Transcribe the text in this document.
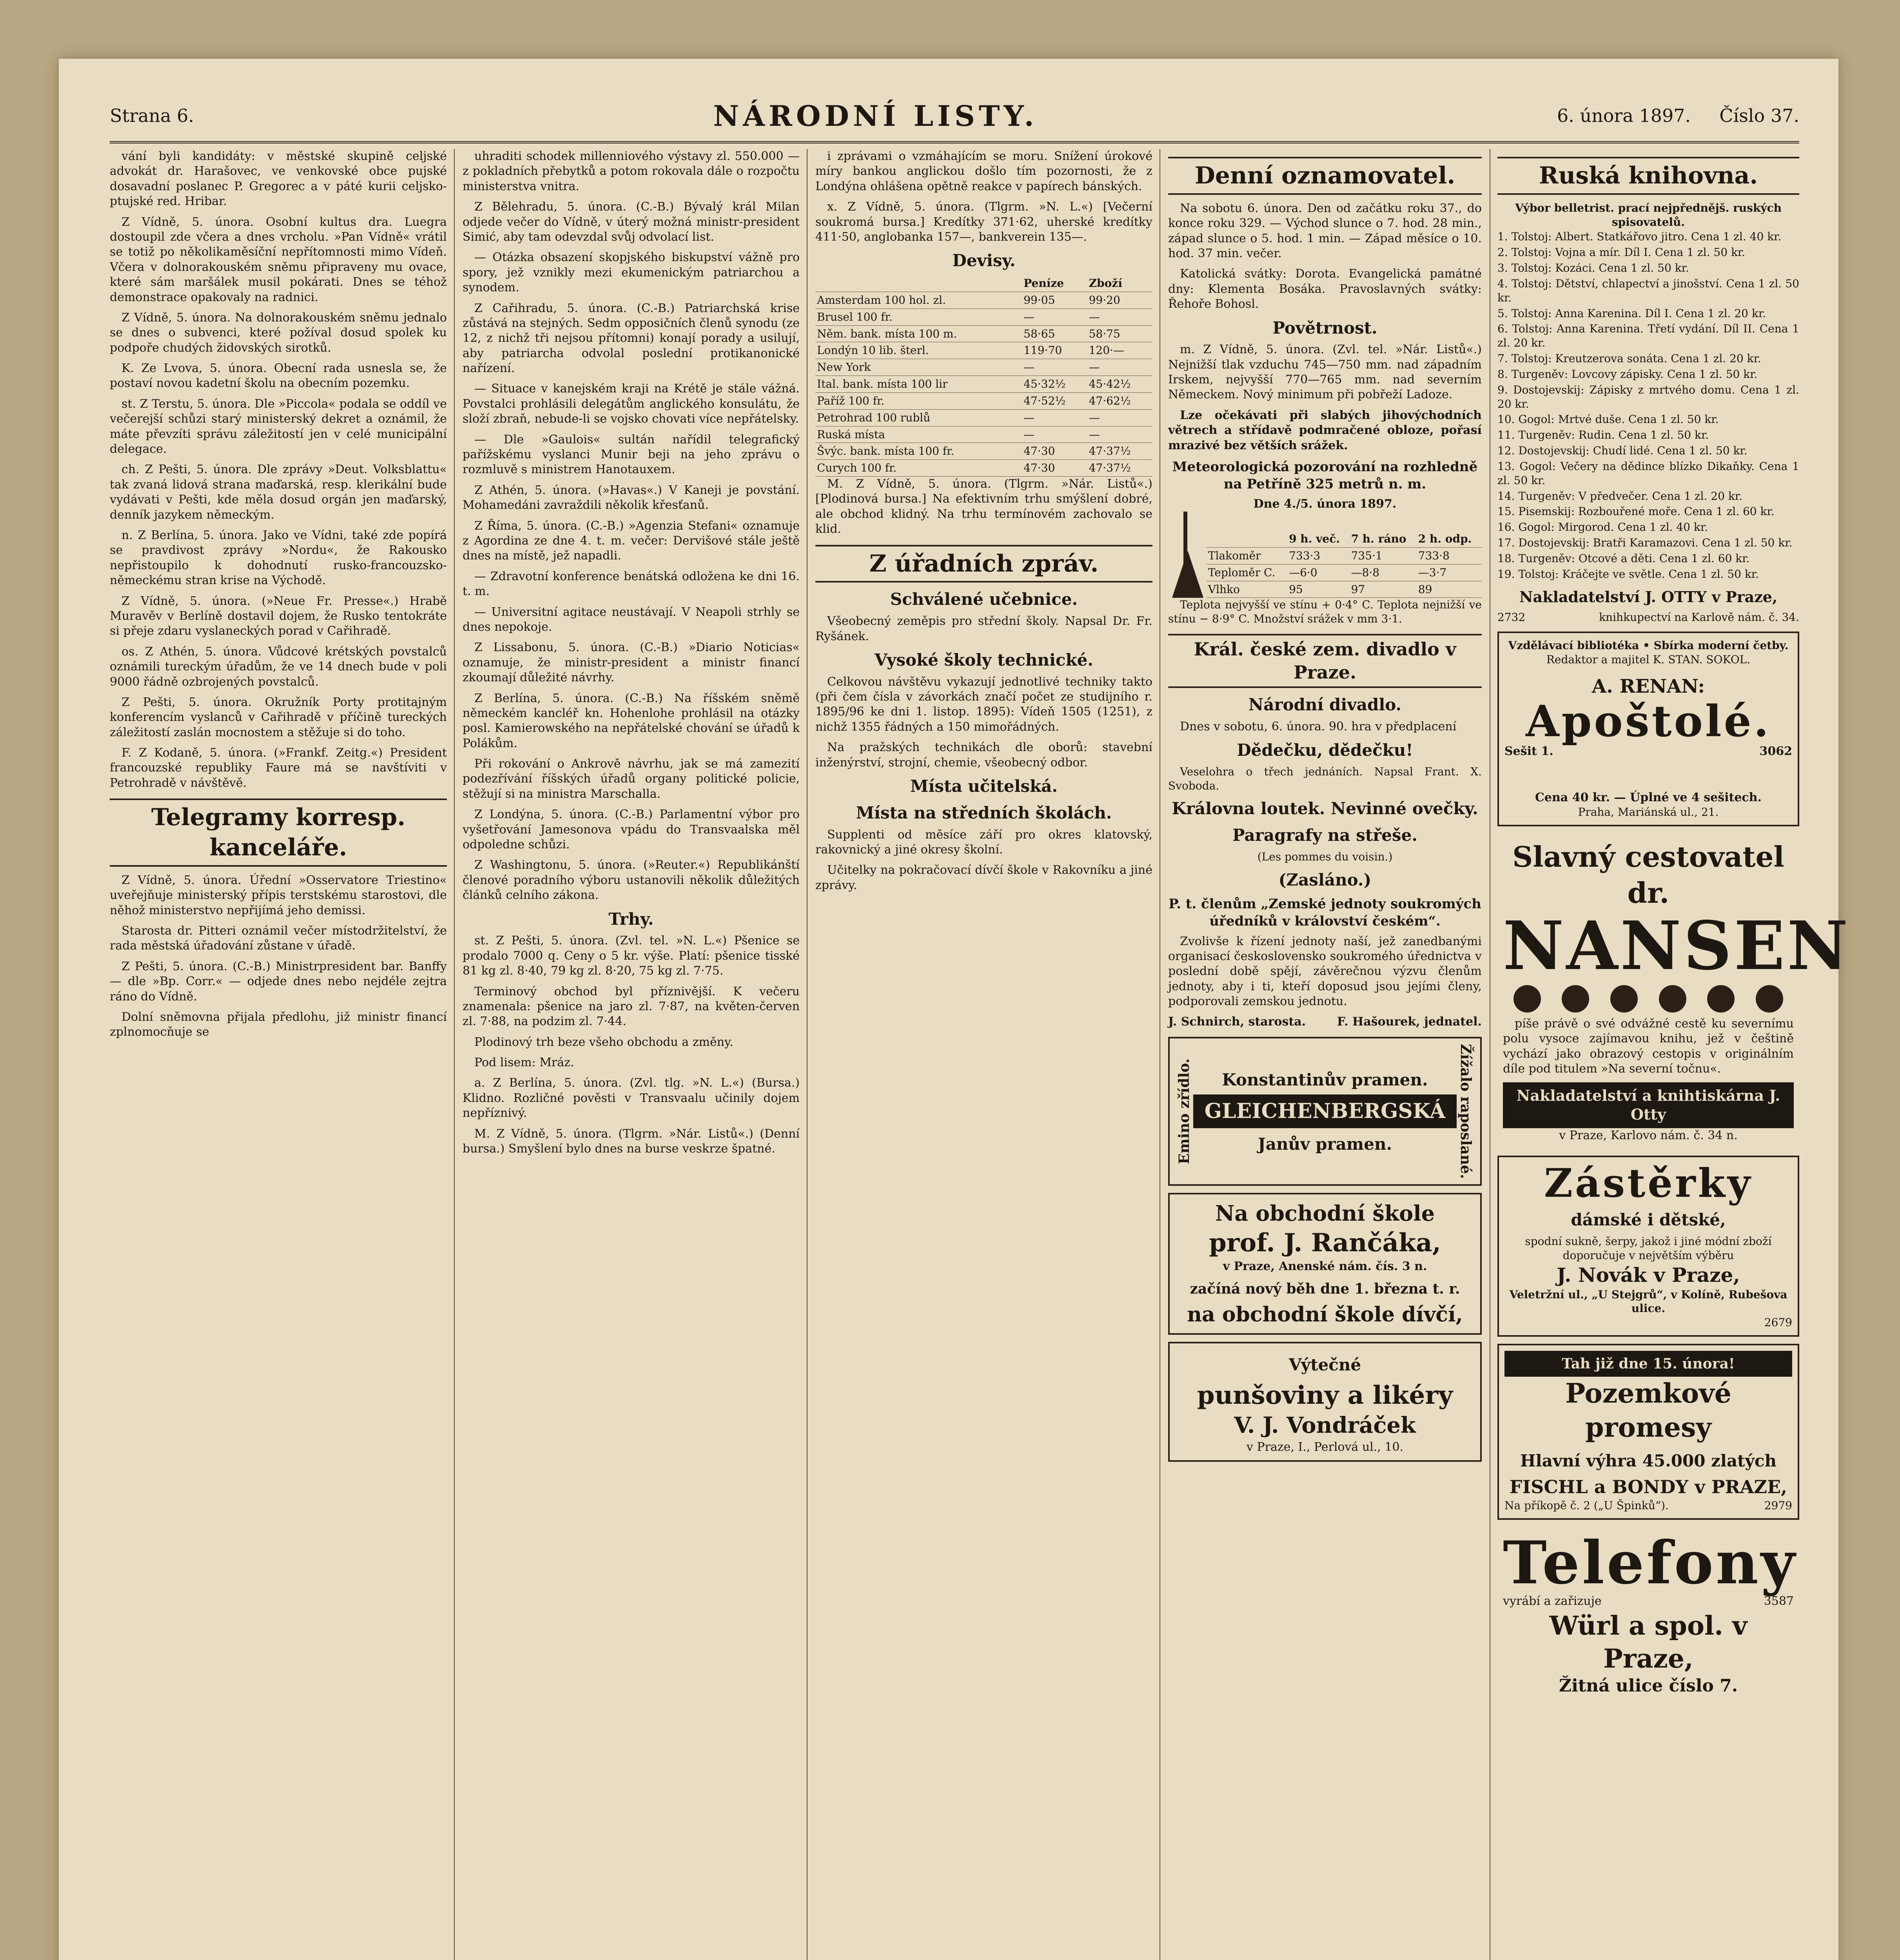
Strana 6.	NÁRODNÍ LISTY.	6. února 1897. Číslo 37.

vání byli kandidáty: v městské skupině celjské advokát dr. Harašovec, ve venkovské obce pujské dosavadní poslanec P. Gregorec a v páté kurii celjsko-ptujské red. Hribar.

Z Vídně, 5. února. Osobní kultus dra. Luegra dostoupil zde včera a dnes vrcholu. »Pan Vídně« vrátil se totiž po několikaměsíční nepřítomnosti mimo Vídeň. Včera v dolnorakouském sněmu připraveny mu ovace, které sám maršálek musil pokárati. Dnes se téhož demonstrace opakovaly na radnici.

Z Vídně, 5. února. Na dolnorakouském sněmu jednalo se dnes o subvenci, které požíval dosud spolek ku podpoře chudých židovských sirotků.

K. Ze Lvova, 5. února. Obecní rada usnesla se, že postaví novou kadetní školu na obecním pozemku.

st. Z Terstu, 5. února. Dle »Piccola« podala se oddíl ve večerejší schůzi starý ministerský dekret a oznámil, že máte převzíti správu záležitostí jen v celé municipální delegace.

ch. Z Pešti, 5. února. Dle zprávy »Deut. Volksblattu« tak zvaná lidová strana maďarská, resp. klerikální bude vydávati v Pešti, kde měla dosud orgán jen maďarský, denník jazykem německým.

n. Z Berlína, 5. února. Jako ve Vídni, také zde popírá se pravdivost zprávy »Nordu«, že Rakousko nepřistoupilo k dohodnutí rusko-francouzsko-německému stran krise na Východě.

Z Vídně, 5. února. (»Neue Fr. Presse«.) Hrabě Muravěv v Berlíně dostavil dojem, že Rusko tentokráte si přeje zdaru vyslaneckých porad v Cařihradě.

os. Z Athén, 5. února. Vůdcové krétských povstalců oznámili tureckým úřadům, že ve 14 dnech bude v poli 9000 řádně ozbrojených povstalců.

Z Pešti, 5. února. Okružník Porty protitajným konferencím vyslanců v Cařihradě v příčině tureckých záležitostí zaslán mocnostem a stěžuje si do toho.

F. Z Kodaně, 5. února. (»Frankf. Zeitg.«) President francouzské republiky Faure má se navštíviti v Petrohradě v návštěvě.

Telegramy korresp. kanceláře.

Z Vídně, 5. února. Úřední »Osservatore Triestino« uveřejňuje ministerský přípis terstskému starostovi, dle něhož ministerstvo nepřijímá jeho demissi.

Starosta dr. Pitteri oznámil večer místodržitelství, že rada městská úřadování zůstane v úřadě.

Z Pešti, 5. února. (C.-B.) Ministrpresident bar. Banffy — dle »Bp. Corr.« — odjede dnes nebo nejdéle zejtra ráno do Vídně.

Dolní sněmovna přijala předlohu, již ministr financí zplnomocňuje se

uhraditi schodek millenniového výstavy zl. 550.000 — z pokladních přebytků a potom rokovala dále o rozpočtu ministerstva vnitra.

Z Bělehradu, 5. února. (C.-B.) Bývalý král Milan odjede večer do Vídně, v úterý možná ministr-president Simić, aby tam odevzdal svůj odvolací list.

— Otázka obsazení skopjského biskupství vážně pro spory, jež vznikly mezi ekumenickým patriarchou a synodem.

Z Cařihradu, 5. února. (C.-B.) Patriarchská krise zůstává na stejných. Sedm opposičních členů synodu (ze 12, z nichž tři nejsou přítomni) konají porady a usilují, aby patriarcha odvolal poslední protikanonické nařízení.

— Situace v kanejském kraji na Krétě je stále vážná. Povstalci prohlásili delegátům anglického konsulátu, že složí zbraň, nebude-li se vojsko chovati více nepřátelsky.

— Dle »Gaulois« sultán nařídil telegrafický pařížskému vyslanci Munir beji na jeho zprávu o rozmluvě s ministrem Hanotauxem.

Z Athén, 5. února. (»Havas«.) V Kaneji je povstání. Mohamedáni zavraždili několik křesťanů.

Z Říma, 5. února. (C.-B.) »Agenzia Stefani« oznamuje z Agordina ze dne 4. t. m. večer: Dervišové stále ještě dnes na místě, jež napadli.

— Zdravotní konference benátská odložena ke dni 16. t. m.

— Universitní agitace neustávají. V Neapoli strhly se dnes nepokoje.

Z Lissabonu, 5. února. (C.-B.) »Diario Noticias« oznamuje, že ministr-president a ministr financí zkoumají důležité návrhy.

Z Berlína, 5. února. (C.-B.) Na říšském sněmě německém kancléř kn. Hohenlohe prohlásil na otázky posl. Kamierowského na nepřátelské chování se úřadů k Polákům.

Při rokování o Ankrově návrhu, jak se má zamezití podezřívání říšských úřadů organy politické policie, stěžují si na ministra Marschalla.

Z Londýna, 5. února. (C.-B.) Parlamentní výbor pro vyšetřování Jamesonova vpádu do Transvaalska měl odpoledne schůzi.

Z Washingtonu, 5. února. (»Reuter.«) Republikánští členové poradního výboru ustanovili několik důležitých článků celního zákona.

Trhy.

st. Z Pešti, 5. února. (Zvl. tel. »N. L.«) Pšenice se prodalo 7000 q. Ceny o 5 kr. výše. Platí: pšenice tisské 81 kg zl. 8·40, 79 kg zl. 8·20, 75 kg zl. 7·75.

Terminový obchod byl příznivější. K večeru znamenala: pšenice na jaro zl. 7·87, na květen-červen zl. 7·88, na podzim zl. 7·44.

Plodinový trh beze všeho obchodu a změny.

Pod lisem: Mráz.

a. Z Berlína, 5. února. (Zvl. tlg. »N. L.«) (Bursa.) Klidno. Rozličné pověsti v Transvaalu učinily dojem nepříznivý.

M. Z Vídně, 5. února. (Tlgrm. »Nár. Listů«.) (Denní bursa.) Smyšlení bylo dnes na burse veskrze špatné.

i zprávami o vzmáhajícím se moru. Snížení úrokové míry bankou anglickou došlo tím pozornosti, že z Londýna ohlášena opětně reakce v papírech bánských.

x. Z Vídně, 5. února. (Tlgrm. »N. L.«) [Večerní soukromá bursa.] Kredítky 371·62, uherské kredítky 411·50, anglobanka 157—, bankverein 135—.

Devisy.
	Peníze	Zboží
Amsterdam 100 hol. zl.	99·05	99·20
Brusel 100 fr.	—	—
Něm. bank. místa 100 m.	58·65	58·75
Londýn 10 lib. šterl.	119·70	120·—
New York	—	—
Ital. bank. místa 100 lir	45·32½	45·42½
Paříž 100 fr.	47·52½	47·62½
Petrohrad 100 rublů	—	—
Ruská místa	—	—
Švýc. bank. místa 100 fr.	47·30	47·37½
Curych 100 fr.	47·30	47·37½

M. Z Vídně, 5. února. (Tlgrm. »Nár. Listů«.) [Plodinová bursa.] Na efektivním trhu smýšlení dobré, ale obchod klidný. Na trhu termínovém zachovalo se klid.

Z úřadních zpráv.
Schválené učebnice.

Všeobecný zeměpis pro střední školy. Napsal Dr. Fr. Ryšánek.

Vysoké školy technické.

Celkovou návštěvu vykazují jednotlivé techniky takto (při čem čísla v závorkách značí počet ze studijního r. 1895/96 ke dni 1. listop. 1895): Vídeň 1505 (1251), z nichž 1355 řádných a 150 mimořádných.

Na pražských technikách dle oborů: stavební inženýrství, strojní, chemie, všeobecný odbor.

Místa učitelská.
Místa na středních školách.

Supplenti od měsíce září pro okres klatovský, rakovnický a jiné okresy školní.

Učitelky na pokračovací dívčí škole v Rakovníku a jiné zprávy.

Denní oznamovatel.

Na sobotu 6. února. Den od začátku roku 37., do konce roku 329. — Východ slunce o 7. hod. 28 min., západ slunce o 5. hod. 1 min. — Západ měsíce o 10. hod. 37 min. večer.

Katolická svátky: Dorota. Evangelická památné dny: Klementa Bosáka. Pravoslavných svátky: Řehoře Bohosl.

Povětrnost.

m. Z Vídně, 5. února. (Zvl. tel. »Nár. Listů«.) Nejnižší tlak vzduchu 745—750 mm. nad západním Irskem, nejvyšší 770—765 mm. nad severním Německem. Nový minimum při pobřeží Ladoze.

Lze očekávati při slabých jihovýchodních větrech a střídavě podmračené obloze, pořasí mrazivé bez větších srážek.

Meteorologická pozorování na rozhledně na Petříně 325 metrů n. m.
Dne 4./5. února 1897.
	9 h. več.	7 h. ráno	2 h. odp.
Tlakoměr	733·3	735·1	733·8
Teploměr C.	—6·0	—8·8	—3·7
Vlhko	95	97	89

Teplota nejvyšší ve stínu + 0·4° C. Teplota nejnižší ve stínu − 8·9° C. Množství srážek v mm 3·1.

Král. české zem. divadlo v Praze.
Národní divadlo.

Dnes v sobotu, 6. února. 90. hra v předplacení

Dědečku, dědečku!

Veselohra o třech jednáních. Napsal Frant. X. Svoboda.

Královna loutek. Nevinné ovečky.
Paragrafy na střeše.
(Les pommes du voisin.)
(Zasláno.)
P. t. členům „Zemské jednoty soukromých úředníků v království českém“.

Zvolivše k řízení jednoty naší, jež zanedbanými organisací československo soukromého úřednictva v poslední době spějí, závěrečnou výzvu členům jednoty, aby i ti, kteří doposud jsou jejími členy, podporovali zemskou jednotu.

J. Schnirch, starosta.	F. Hašourek, jednatel.
Emino zřídlo.	Konstantinův pramen.
GLEICHENBERGSKÁ
Janův pramen.	Žížalo raposlané.
Na obchodní škole
prof. J. Rančáka,
v Praze, Anenské nám. čís. 3 n.
začíná nový běh dne 1. března t. r.
na obchodní škole dívčí,
Výtečné
punšoviny a likéry
V. J. Vondráček
v Praze, I., Perlová ul., 10.
Ruská knihovna.
Výbor belletrist. prací nejpřednějš. ruských spisovatelů.
1. Tolstoj: Albert. Statkářovo jitro. Cena 1 zl. 40 kr.
2. Tolstoj: Vojna a mír. Díl I. Cena 1 zl. 50 kr.
3. Tolstoj: Kozáci. Cena 1 zl. 50 kr.
4. Tolstoj: Dětství, chlapectví a jinošství. Cena 1 zl. 50 kr.
5. Tolstoj: Anna Karenina. Díl I. Cena 1 zl. 20 kr.
6. Tolstoj: Anna Karenina. Třetí vydání. Díl II. Cena 1 zl. 20 kr.
7. Tolstoj: Kreutzerova sonáta. Cena 1 zl. 20 kr.
8. Turgeněv: Lovcovy zápisky. Cena 1 zl. 50 kr.
9. Dostojevskij: Zápisky z mrtvého domu. Cena 1 zl. 20 kr.
10. Gogol: Mrtvé duše. Cena 1 zl. 50 kr.
11. Turgeněv: Rudin. Cena 1 zl. 50 kr.
12. Dostojevskij: Chudí lidé. Cena 1 zl. 50 kr.
13. Gogol: Večery na dědince blízko Dikaňky. Cena 1 zl. 50 kr.
14. Turgeněv: V předvečer. Cena 1 zl. 20 kr.
15. Pisemskij: Rozbouřené moře. Cena 1 zl. 60 kr.
16. Gogol: Mirgorod. Cena 1 zl. 40 kr.
17. Dostojevskij: Bratři Karamazovi. Cena 1 zl. 50 kr.
18. Turgeněv: Otcové a děti. Cena 1 zl. 60 kr.
19. Tolstoj: Kráčejte ve světle. Cena 1 zl. 50 kr.
Nakladatelství J. OTTY v Praze,
2732	knihkupectví na Karlově nám. č. 34.
Vzdělávací bibliotéka • Sbírka moderní četby.
Redaktor a majitel K. STAN. SOKOL.
A. RENAN:
Apoštolé.
Sešit 1.	3062
Cena 40 kr. — Úplné ve 4 sešitech.
Praha, Mariánská ul., 21.
Slavný cestovatel dr.
NANSEN

píše právě o své odvážné cestě ku severnímu polu vysoce zajímavou knihu, jež v češtině vychází jako obrazový cestopis v originálním díle pod titulem »Na severní točnu«.

Nakladatelství a knihtiskárna J. Otty
v Praze, Karlovo nám. č. 34 n.
Zástěrky
dámské i dětské,
spodní sukně, šerpy, jakož i jiné módní zboží doporučuje v největším výběru
J. Novák v Praze,
Veletržní ul., „U Stejgrů“, v Kolíně, Rubešova ulice.
2679
Tah již dne 15. února!
Pozemkové promesy
Hlavní výhra 45.000 zlatých
FISCHL a BONDY v PRAZE,
Na příkopě č. 2 („U Špinků“).	2979
Telefony
vyrábí a zařizuje	3587
Würl a spol. v Praze,
Žitná ulice číslo 7.
